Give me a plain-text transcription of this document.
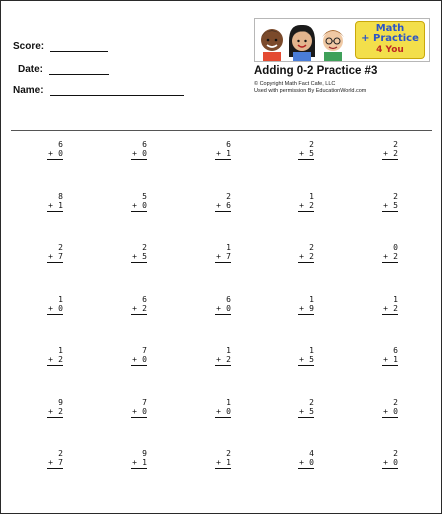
Score:
Date:
Name:
Math
+ Practice
4 You
Adding 0-2 Practice #3
© Copyright Math Fact Cafe, LLC
Used with permission By EducationWorld.com
6
+ 0
6
+ 0
6
+ 1
2
+ 5
2
+ 2
8
+ 1
5
+ 0
2
+ 6
1
+ 2
2
+ 5
2
+ 7
2
+ 5
1
+ 7
2
+ 2
0
+ 2
1
+ 0
6
+ 2
6
+ 0
1
+ 9
1
+ 2
1
+ 2
7
+ 0
1
+ 2
1
+ 5
6
+ 1
9
+ 2
7
+ 0
1
+ 0
2
+ 5
2
+ 0
2
+ 7
9
+ 1
2
+ 1
4
+ 0
2
+ 0
